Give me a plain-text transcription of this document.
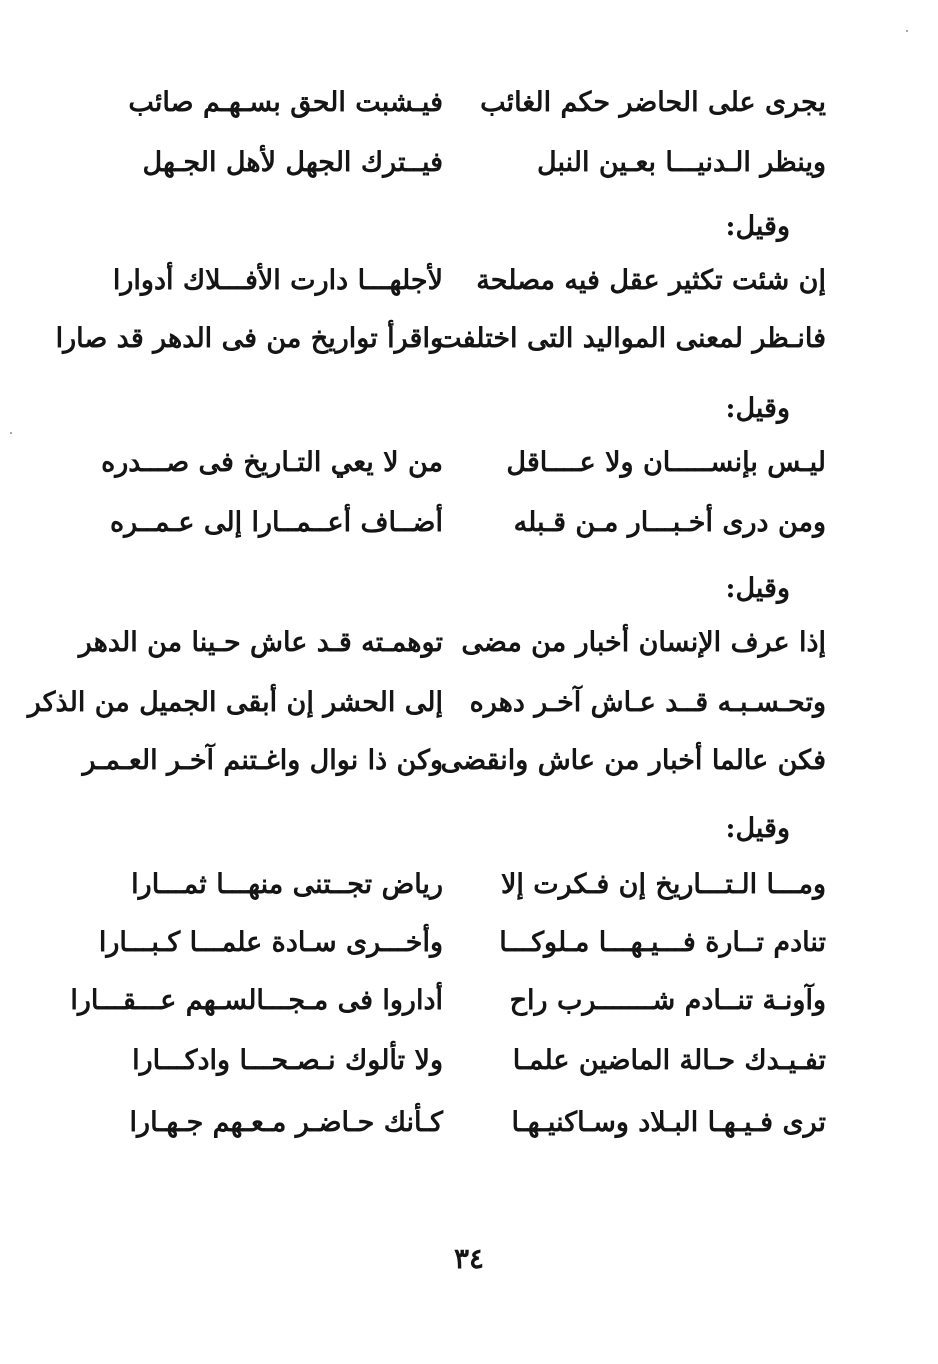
يجرى على الحاضر حكم الغائب
فيـشبت الحق بسـهـم صائب
وينظر الـدنيـــا بعـين النبل
فيــترك الجهل لأهل الجـهل
وقيل:
إن شئت تكثير عقل فيه مصلحة
لأجلهـــا دارت الأفـــلاك أدوارا
فانـظر لمعنى المواليد التى اختلفت
واقرأ تواريخ من فى الدهر قد صارا
وقيل:
ليـس بإنســـــان ولا عــــاقل
من لا يعي التـاريخ فى صـــدره
ومن درى أخـبـــار مـن قـبله
أضــاف أعــمــارا إلى عـمــره
وقيل:
إذا عرف الإنسان أخبار من مضى
توهمـته قـد عاش حـينا من الدهر
وتحـسـبـه قــد عـاش آخـر دهره
إلى الحشر إن أبقى الجميل من الذكر
فكن عالما أخبار من عاش وانقضى
وكن ذا نوال واغـتنم آخـر العـمـر
وقيل:
ومـــا الـتـــاريخ إن فـكرت إلا
رياض تجــتنى منهـــا ثمـــارا
تنادم تــارة فـــيـهـــا مـلوكـــا
وأخـــرى سـادة علمـــا كـبـــارا
وآونـة تنــادم شـــــــرب راح
أداروا فى مـجـــالسـهم عـــقـــارا
تفـيـدك حـالة الماضين علمـا
ولا تألوك نـصـحـــا وادكـــارا
ترى فـيـهـا البـلاد وسـاكنيـهـا
كـأنك حـاضـر مـعـهم جـهـارا
٣٤
